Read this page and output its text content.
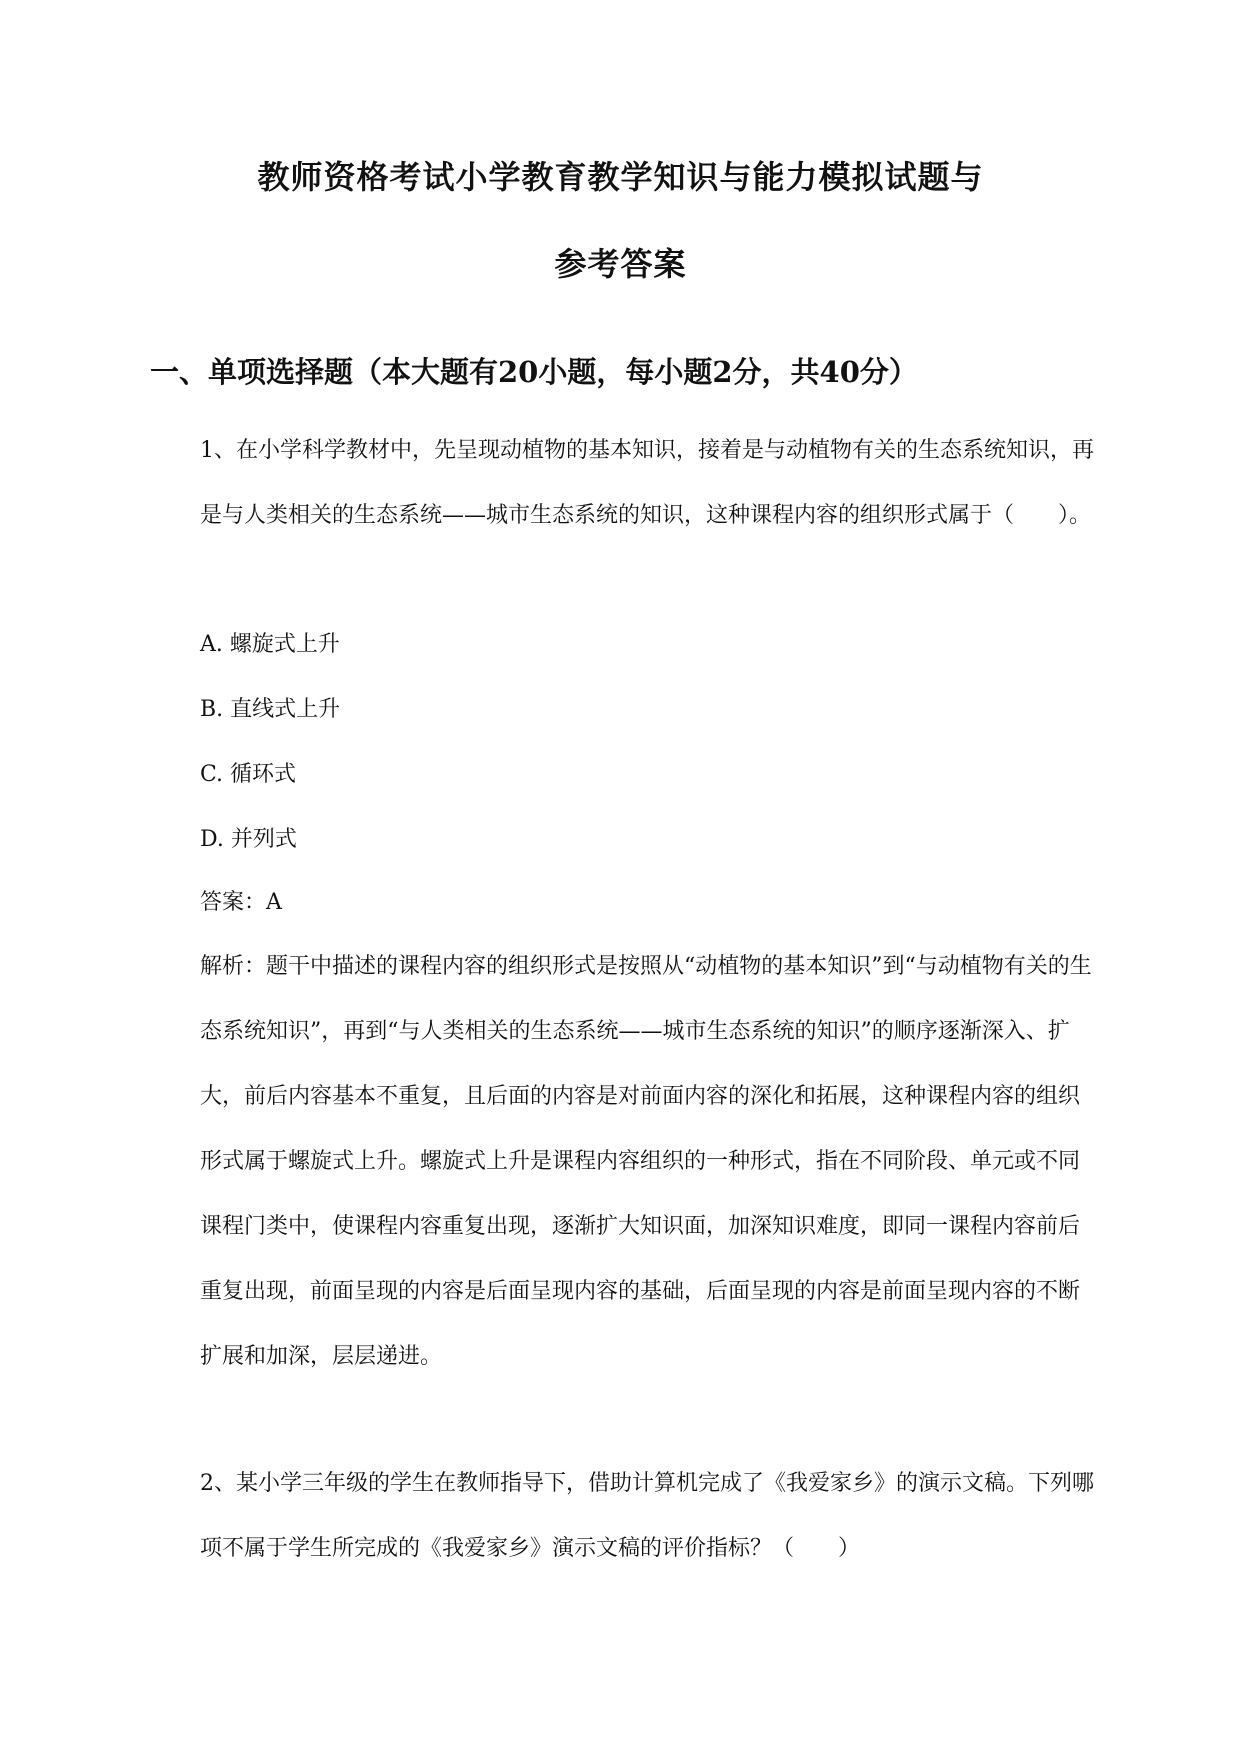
教师资格考试小学教育教学知识与能力模拟试题与
参考答案
一、单项选择题（本大题有20小题，每小题2分，共40分）
1、在小学科学教材中，先呈现动植物的基本知识，接着是与动植物有关的生态系统知识，再是与人类相关的生态系统——城市生态系统的知识，这种课程内容的组织形式属于（　　）。

A. 螺旋式上升

B. 直线式上升

C. 循环式

D. 并列式

答案：A
解析：题干中描述的课程内容的组织形式是按照从“动植物的基本知识”到“与动植物有关的生态系统知识”，再到“与人类相关的生态系统——城市生态系统的知识”的顺序逐渐深入、扩大，前后内容基本不重复，且后面的内容是对前面内容的深化和拓展，这种课程内容的组织形式属于螺旋式上升。螺旋式上升是课程内容组织的一种形式，指在不同阶段、单元或不同课程门类中，使课程内容重复出现，逐渐扩大知识面，加深知识难度，即同一课程内容前后重复出现，前面呈现的内容是后面呈现内容的基础，后面呈现的内容是前面呈现内容的不断扩展和加深，层层递进。
2、某小学三年级的学生在教师指导下，借助计算机完成了《我爱家乡》的演示文稿。下列哪项不属于学生所完成的《我爱家乡》演示文稿的评价指标？（　　）
